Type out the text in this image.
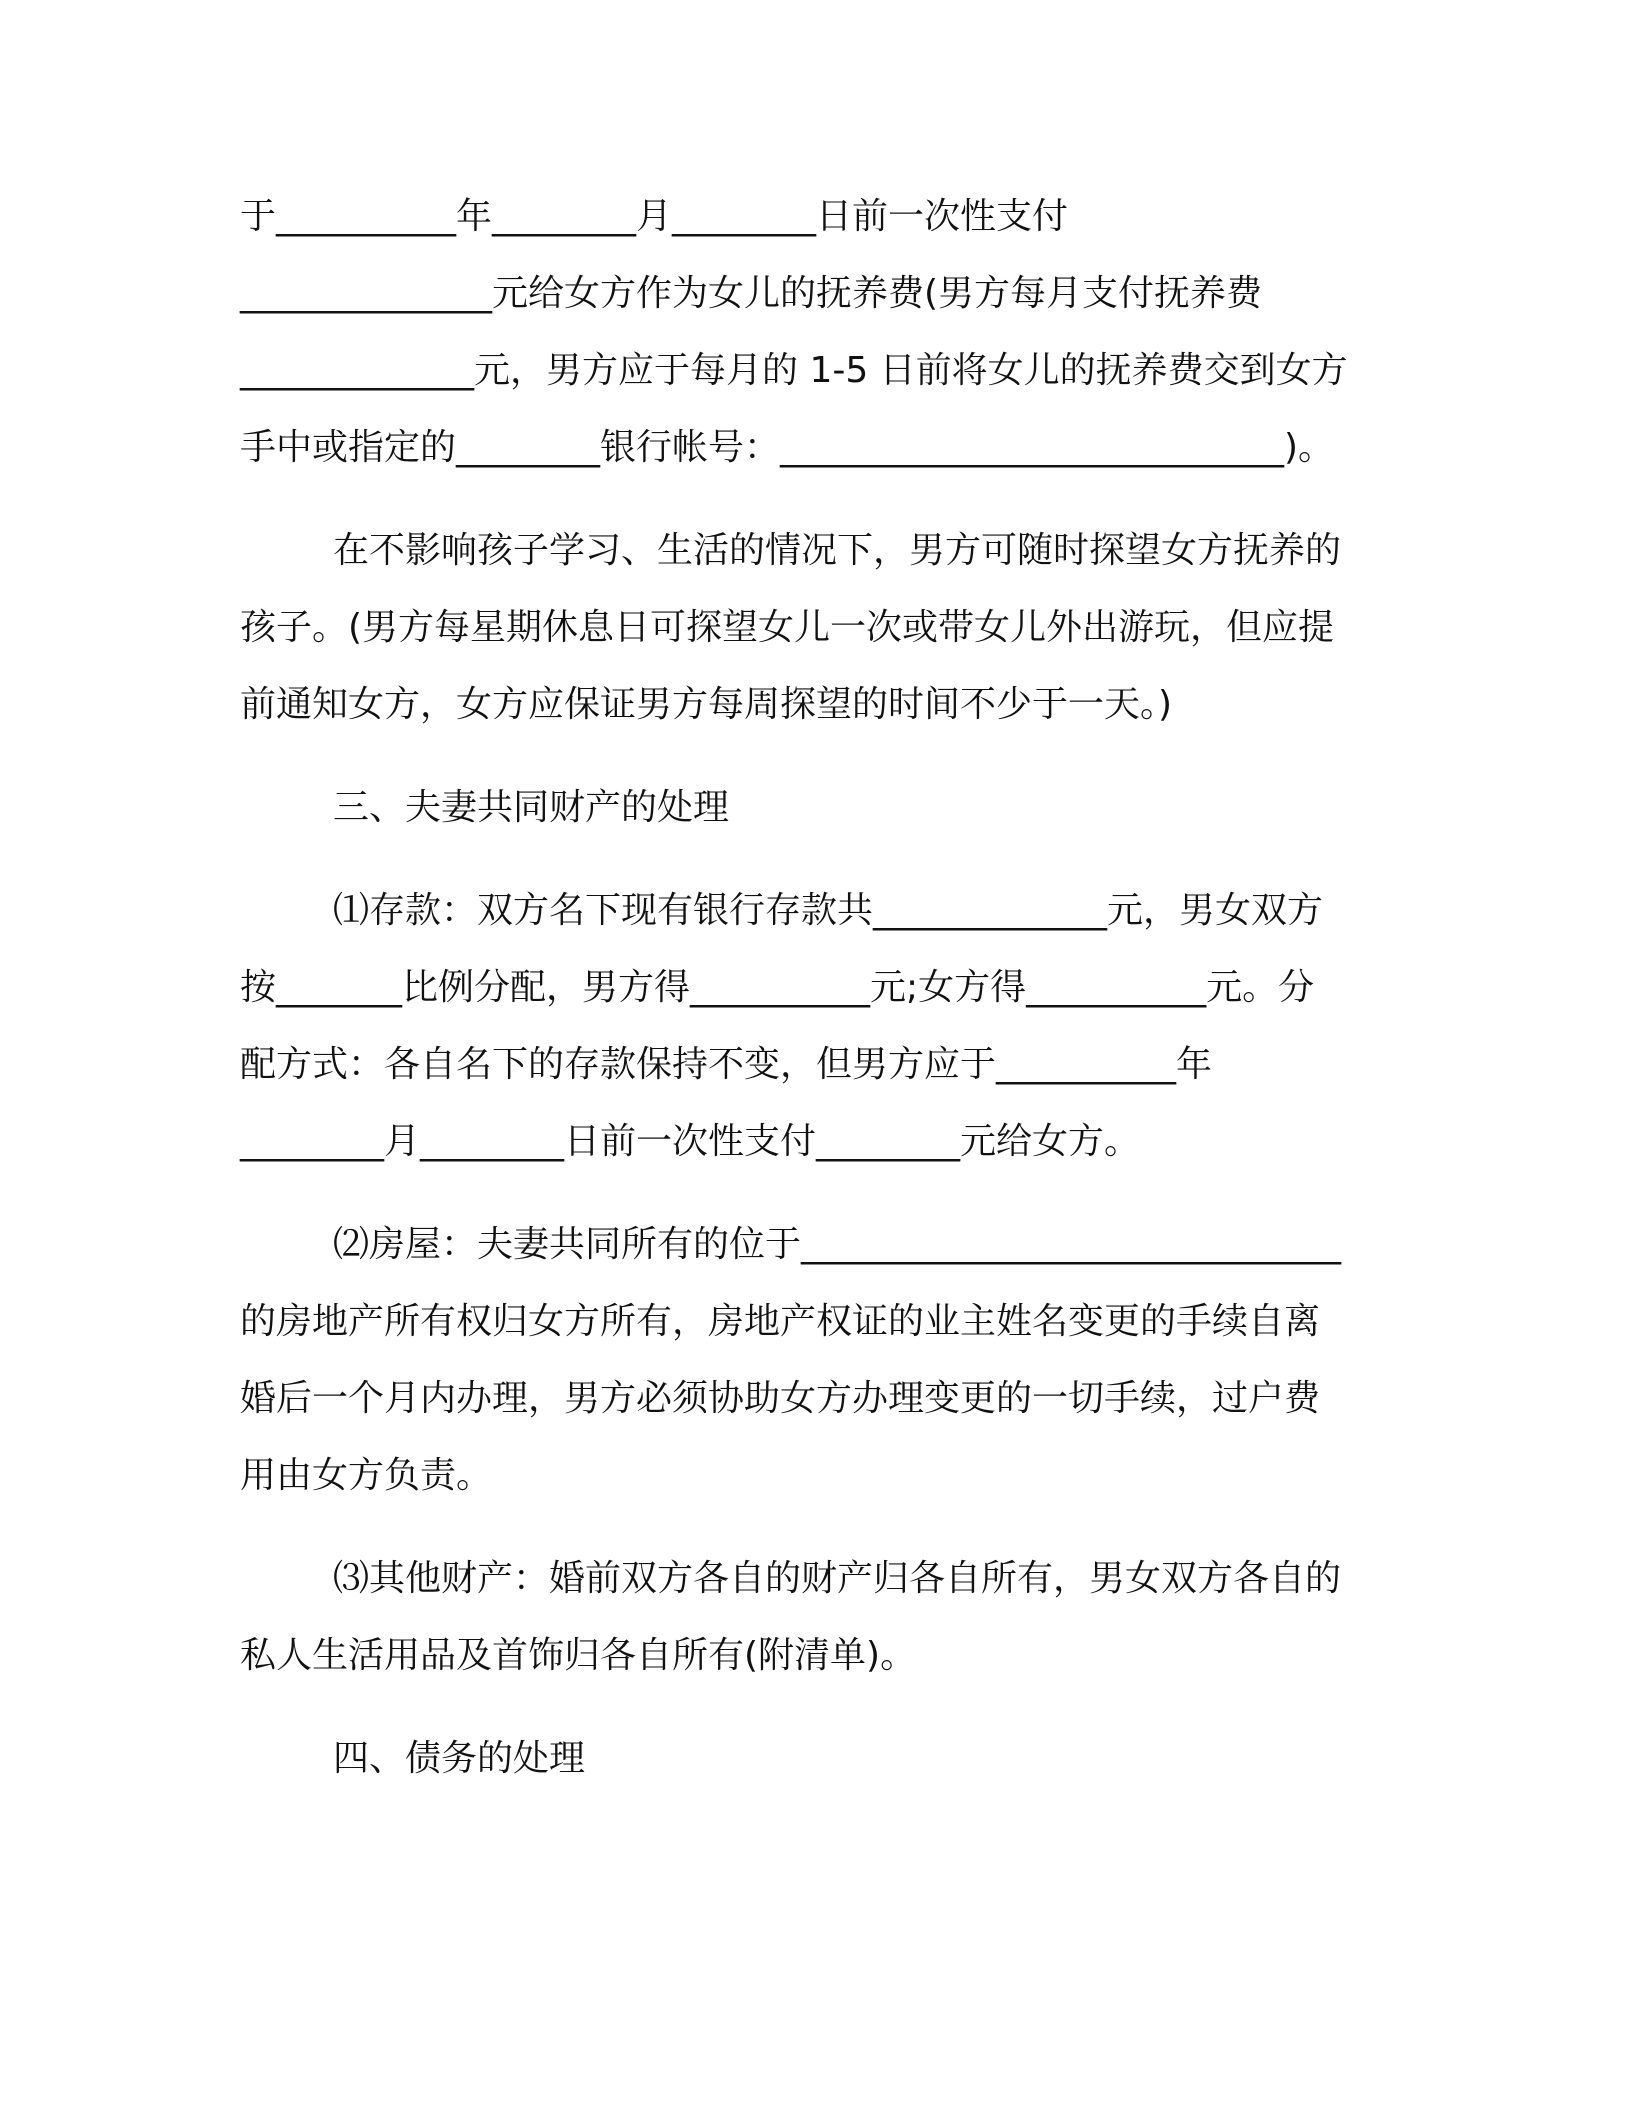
于__________年________月________日前一次性支付
______________元给女方作为女儿的抚养费(男方每月支付抚养费
_____________元，男方应于每月的 1-5 日前将女儿的抚养费交到女方
手中或指定的________银行帐号：____________________________)。
在不影响孩子学习、生活的情况下，男方可随时探望女方抚养的
孩子。(男方每星期休息日可探望女儿一次或带女儿外出游玩，但应提
前通知女方，女方应保证男方每周探望的时间不少于一天。)
三、夫妻共同财产的处理
⑴存款：双方名下现有银行存款共_____________元，男女双方
按_______比例分配，男方得__________元;女方得__________元。分
配方式：各自名下的存款保持不变，但男方应于__________年
________月________日前一次性支付________元给女方。
⑵房屋：夫妻共同所有的位于______________________________
的房地产所有权归女方所有，房地产权证的业主姓名变更的手续自离
婚后一个月内办理，男方必须协助女方办理变更的一切手续，过户费
用由女方负责。
⑶其他财产：婚前双方各自的财产归各自所有，男女双方各自的
私人生活用品及首饰归各自所有(附清单)。
四、债务的处理
